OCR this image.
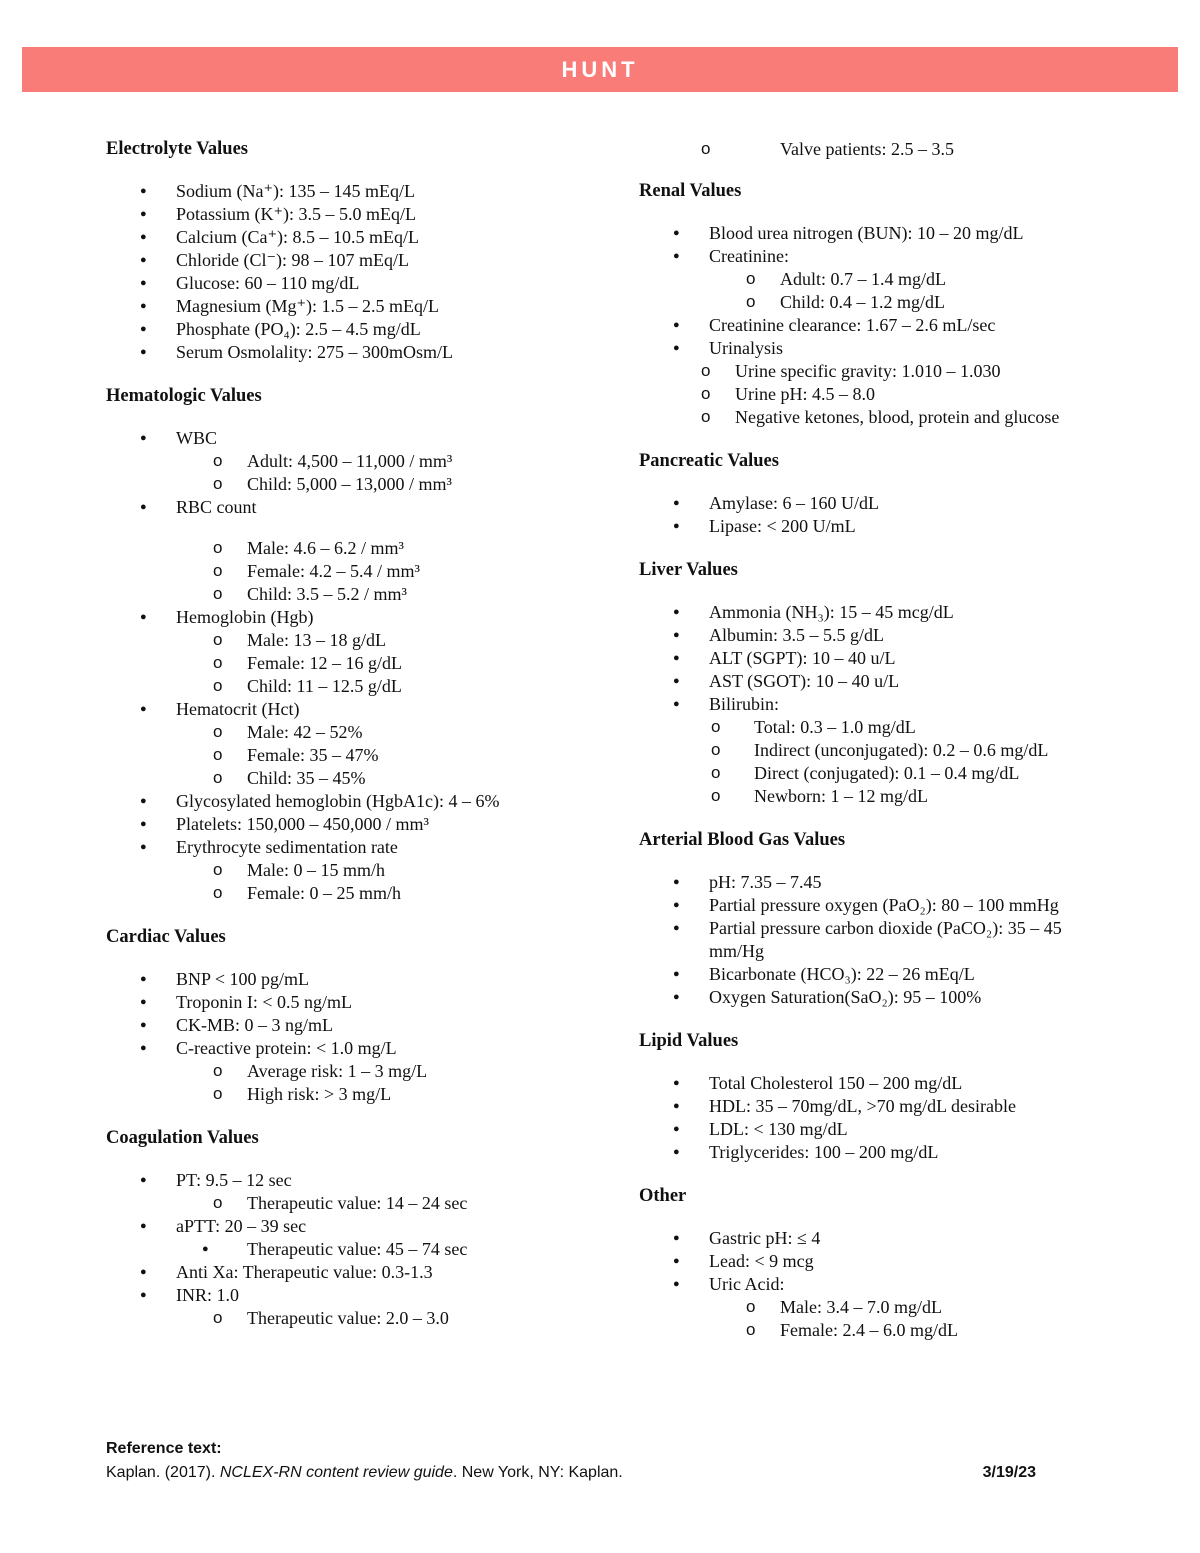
HUNT
Electrolyte Values
● Sodium (Na⁺): 135 – 145 mEq/L
● Potassium (K⁺): 3.5 – 5.0 mEq/L
● Calcium (Ca⁺): 8.5 – 10.5 mEq/L
● Chloride (Cl⁻): 98 – 107 mEq/L
● Glucose: 60 – 110 mg/dL
● Magnesium (Mg⁺): 1.5 – 2.5 mEq/L
● Phosphate (PO₄): 2.5 – 4.5 mg/dL
● Serum Osmolality: 275 – 300mOsm/L
Hematologic Values
● WBC
o Adult: 4,500 – 11,000 / mm³
o Child: 5,000 – 13,000 / mm³
● RBC count
o Male: 4.6 – 6.2 / mm³
o Female: 4.2 – 5.4 / mm³
o Child: 3.5 – 5.2 / mm³
● Hemoglobin (Hgb)
o Male: 13 – 18 g/dL
o Female: 12 – 16 g/dL
o Child: 11 – 12.5 g/dL
● Hematocrit (Hct)
o Male: 42 – 52%
o Female: 35 – 47%
o Child: 35 – 45%
● Glycosylated hemoglobin (HgbA1c): 4 – 6%
● Platelets: 150,000 – 450,000 / mm³
● Erythrocyte sedimentation rate
o Male: 0 – 15 mm/h
o Female: 0 – 25 mm/h
Cardiac Values
● BNP < 100 pg/mL
● Troponin I: < 0.5 ng/mL
● CK-MB: 0 – 3 ng/mL
● C-reactive protein: < 1.0 mg/L
o Average risk: 1 – 3 mg/L
o High risk: > 3 mg/L
Coagulation Values
● PT: 9.5 – 12 sec
o Therapeutic value: 14 – 24 sec
● aPTT: 20 – 39 sec
● Therapeutic value: 45 – 74 sec
● Anti Xa: Therapeutic value: 0.3-1.3
● INR: 1.0
o Therapeutic value: 2.0 – 3.0
o Valve patients: 2.5 – 3.5
Renal Values
● Blood urea nitrogen (BUN): 10 – 20 mg/dL
● Creatinine:
o Adult: 0.7 – 1.4 mg/dL
o Child: 0.4 – 1.2 mg/dL
● Creatinine clearance: 1.67 – 2.6 mL/sec
● Urinalysis
o Urine specific gravity: 1.010 – 1.030
o Urine pH: 4.5 – 8.0
o Negative ketones, blood, protein and glucose
Pancreatic Values
● Amylase: 6 – 160 U/dL
● Lipase: < 200 U/mL
Liver Values
● Ammonia (NH₃): 15 – 45 mcg/dL
● Albumin: 3.5 – 5.5 g/dL
● ALT (SGPT): 10 – 40 u/L
● AST (SGOT): 10 – 40 u/L
● Bilirubin:
o Total: 0.3 – 1.0 mg/dL
o Indirect (unconjugated): 0.2 – 0.6 mg/dL
o Direct (conjugated): 0.1 – 0.4 mg/dL
o Newborn: 1 – 12 mg/dL
Arterial Blood Gas Values
● pH: 7.35 – 7.45
● Partial pressure oxygen (PaO₂): 80 – 100 mmHg
● Partial pressure carbon dioxide (PaCO₂): 35 – 45 mm/Hg
● Bicarbonate (HCO₃): 22 – 26 mEq/L
● Oxygen Saturation(SaO₂): 95 – 100%
Lipid Values
● Total Cholesterol 150 – 200 mg/dL
● HDL: 35 – 70mg/dL, >70 mg/dL desirable
● LDL: < 130 mg/dL
● Triglycerides: 100 – 200 mg/dL
Other
● Gastric pH: ≤ 4
● Lead: < 9 mcg
● Uric Acid:
o Male: 3.4 – 7.0 mg/dL
o Female: 2.4 – 6.0 mg/dL
Reference text:
Kaplan. (2017). NCLEX-RN content review guide. New York, NY: Kaplan.	3/19/23
